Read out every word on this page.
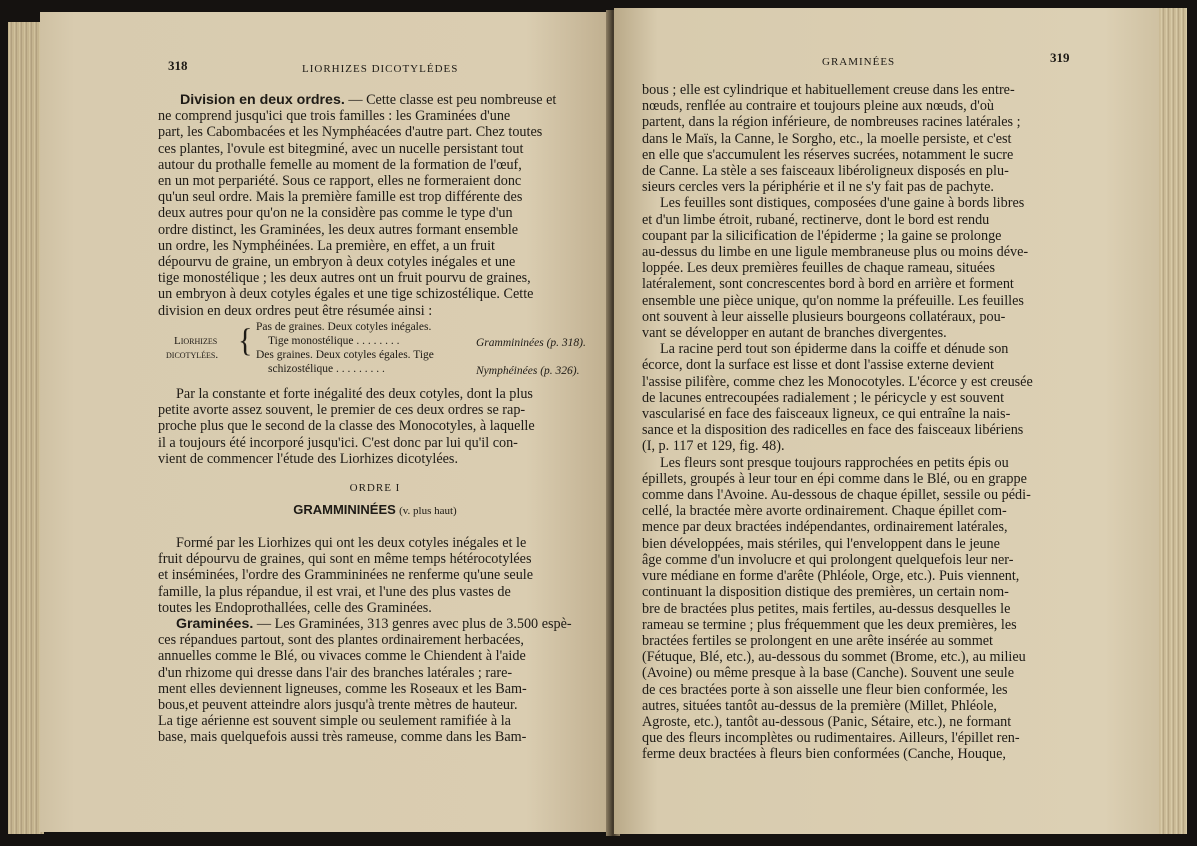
318	LIORHIZES DICOTYLÉDES
Division en deux ordres. — Cette classe est peu nombreuse et
ne comprend jusqu'ici que trois familles : les Graminées d'une
part, les Cabombacées et les Nymphéacées d'autre part. Chez toutes
ces plantes, l'ovule est bitegminé, avec un nucelle persistant tout
autour du prothalle femelle au moment de la formation de l'œuf,
en un mot perpariété. Sous ce rapport, elles ne formeraient donc
qu'un seul ordre. Mais la première famille est trop différente des
deux autres pour qu'on ne la considère pas comme le type d'un
ordre distinct, les Graminées, les deux autres formant ensemble
un ordre, les Nymphéinées. La première, en effet, a un fruit
dépourvu de graine, un embryon à deux cotyles inégales et une
tige monostélique ; les deux autres ont un fruit pourvu de graines,
un embryon à deux cotyles égales et une tige schizostélique. Cette
division en deux ordres peut être résumée ainsi :
Liorhizes
dicotylées. { Pas de graines. Deux cotyles inégales.
Tige monostélique . . . . . . . .	Grammininées (p. 318).
Des graines. Deux cotyles égales. Tige
schizostélique . . . . . . . . .	Nymphéinées (p. 326).
Par la constante et forte inégalité des deux cotyles, dont la plus
petite avorte assez souvent, le premier de ces deux ordres se rap-
proche plus que le second de la classe des Monocotyles, à laquelle
il a toujours été incorporé jusqu'ici. C'est donc par lui qu'il con-
vient de commencer l'étude des Liorhizes dicotylées.
ORDRE I
GRAMMININÉES (v. plus haut)
Formé par les Liorhizes qui ont les deux cotyles inégales et le
fruit dépourvu de graines, qui sont en même temps hétérocotylées
et inséminées, l'ordre des Grammininées ne renferme qu'une seule
famille, la plus répandue, il est vrai, et l'une des plus vastes de
toutes les Endoprothallées, celle des Graminées.
Graminées. — Les Graminées, 313 genres avec plus de 3.500 espè-
ces répandues partout, sont des plantes ordinairement herbacées,
annuelles comme le Blé, ou vivaces comme le Chiendent à l'aide
d'un rhizome qui dresse dans l'air des branches latérales ; rare-
ment elles deviennent ligneuses, comme les Roseaux et les Bam-
bous,et peuvent atteindre alors jusqu'à trente mètres de hauteur.
La tige aérienne est souvent simple ou seulement ramifiée à la
base, mais quelquefois aussi très rameuse, comme dans les Bam-
GRAMINÉES	319
bous ; elle est cylindrique et habituellement creuse dans les entre-
nœuds, renflée au contraire et toujours pleine aux nœuds, d'où
partent, dans la région inférieure, de nombreuses racines latérales ;
dans le Maïs, la Canne, le Sorgho, etc., la moelle persiste, et c'est
en elle que s'accumulent les réserves sucrées, notamment le sucre
de Canne. La stèle a ses faisceaux libéroligneux disposés en plu-
sieurs cercles vers la périphérie et il ne s'y fait pas de pachyte.
Les feuilles sont distiques, composées d'une gaine à bords libres
et d'un limbe étroit, rubané, rectinerve, dont le bord est rendu
coupant par la silicification de l'épiderme ; la gaine se prolonge
au-dessus du limbe en une ligule membraneuse plus ou moins déve-
loppée. Les deux premières feuilles de chaque rameau, situées
latéralement, sont concrescentes bord à bord en arrière et forment
ensemble une pièce unique, qu'on nomme la préfeuille. Les feuilles
ont souvent à leur aisselle plusieurs bourgeons collatéraux, pou-
vant se développer en autant de branches divergentes.
La racine perd tout son épiderme dans la coiffe et dénude son
écorce, dont la surface est lisse et dont l'assise externe devient
l'assise pilifère, comme chez les Monocotyles. L'écorce y est creusée
de lacunes entrecoupées radialement ; le péricycle y est souvent
vascularisé en face des faisceaux ligneux, ce qui entraîne la nais-
sance et la disposition des radicelles en face des faisceaux libériens
(I, p. 117 et 129, fig. 48).
Les fleurs sont presque toujours rapprochées en petits épis ou
épillets, groupés à leur tour en épi comme dans le Blé, ou en grappe
comme dans l'Avoine. Au-dessous de chaque épillet, sessile ou pédi-
cellé, la bractée mère avorte ordinairement. Chaque épillet com-
mence par deux bractées indépendantes, ordinairement latérales,
bien développées, mais stériles, qui l'enveloppent dans le jeune
âge comme d'un involucre et qui prolongent quelquefois leur ner-
vure médiane en forme d'arête (Phléole, Orge, etc.). Puis viennent,
continuant la disposition distique des premières, un certain nom-
bre de bractées plus petites, mais fertiles, au-dessus desquelles le
rameau se termine ; plus fréquemment que les deux premières, les
bractées fertiles se prolongent en une arête insérée au sommet
(Fétuque, Blé, etc.), au-dessous du sommet (Brome, etc.), au milieu
(Avoine) ou même presque à la base (Canche). Souvent une seule
de ces bractées porte à son aisselle une fleur bien conformée, les
autres, situées tantôt au-dessus de la première (Millet, Phléole,
Agroste, etc.), tantôt au-dessous (Panic, Sétaire, etc.), ne formant
que des fleurs incomplètes ou rudimentaires. Ailleurs, l'épillet ren-
ferme deux bractées à fleurs bien conformées (Canche, Houque,
